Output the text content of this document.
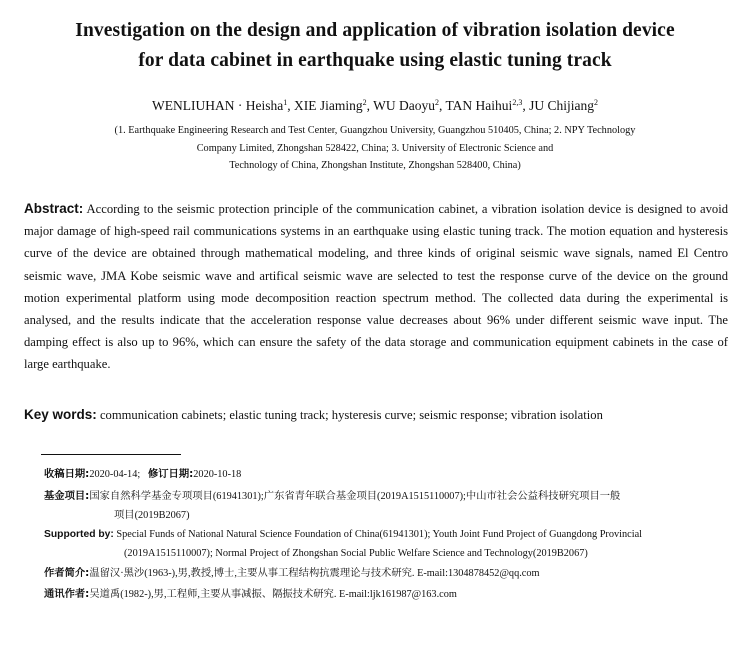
Investigation on the design and application of vibration isolation device
for data cabinet in earthquake using elastic tuning track
WENLIUHAN · Heisha$^1$, XIE Jiaming$^2$, WU Daoyu$^2$, TAN Haihui$^{2,3}$, JU Chijiang$^2$
(1. Earthquake Engineering Research and Test Center, Guangzhou University, Guangzhou 510405, China; 2. NPY Technology
Company Limited, Zhongshan 528422, China; 3. University of Electronic Science and
Technology of China, Zhongshan Institute, Zhongshan 528400, China)
Abstract: According to the seismic protection principle of the communication cabinet, a vibration isolation device is designed to avoid major damage of high-speed rail communications systems in an earthquake using elastic tuning track. The motion equation and hysteresis curve of the device are obtained through mathematical modeling, and three kinds of original seismic wave signals, named El Centro seismic wave, JMA Kobe seismic wave and artifical seismic wave are selected to test the response curve of the device on the ground motion experimental platform using mode decomposition reaction spectrum method. The collected data during the experimental is analysed, and the results indicate that the acceleration response value decreases about 96% under different seismic wave input. The damping effect is also up to 96%, which can ensure the safety of the data storage and communication equipment cabinets in the case of large earthquake.
Key words: communication cabinets; elastic tuning track; hysteresis curve; seismic response; vibration isolation
收稿日期:2020-04-14; 修订日期:2020-10-18
基金项目:国家自然科学基金专项项目(61941301);广东省青年联合基金项目(2019A1515110007);中山市社会公益科技研究项目一般
项目(2019B2067)
Supported by: Special Funds of National Natural Science Foundation of China(61941301); Youth Joint Fund Project of Guangdong Provincial
(2019A1515110007); Normal Project of Zhongshan Social Public Welfare Science and Technology(2019B2067)
作者简介:温留汉·黑沙(1963-),男,教授,博士,主要从事工程结构抗震理论与技术研究. E-mail:1304878452@qq.com
通讯作者:吴道禹(1982-),男,工程师,主要从事减振、隔振技术研究. E-mail:ljk161987@163.com
